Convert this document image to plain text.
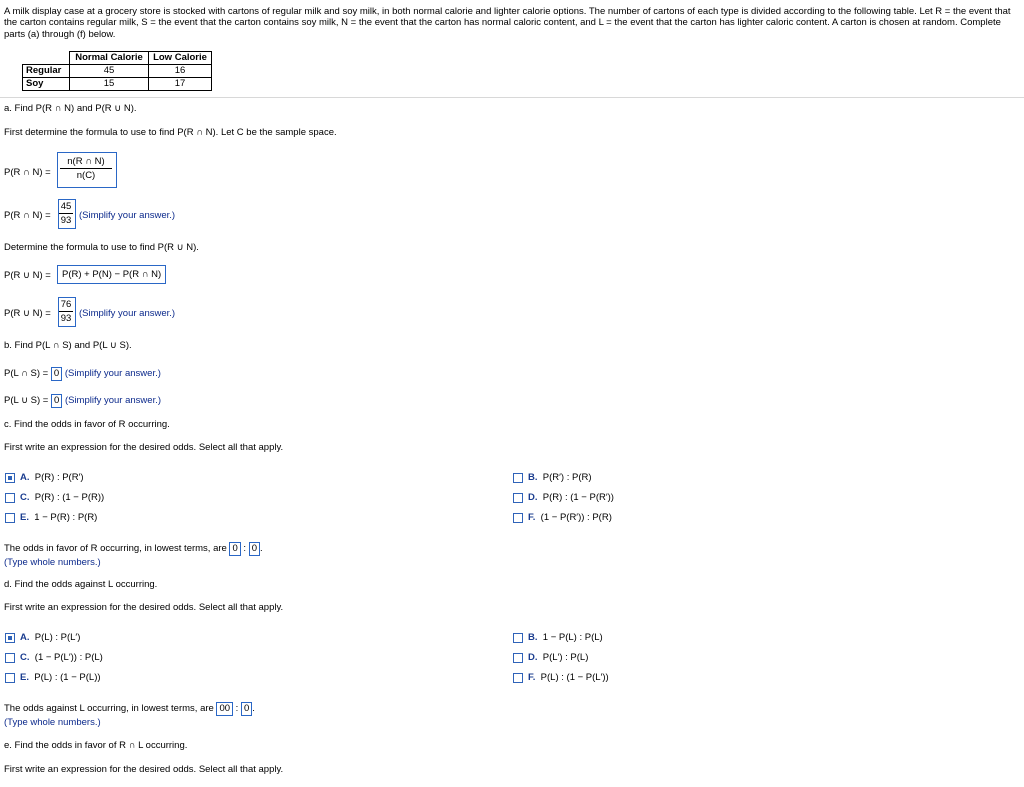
A milk display case at a grocery store is stocked with cartons of regular milk and soy milk, in both normal calorie and lighter calorie options. The number of cartons of each type is divided according to the following table. Let R = the event that the carton contains regular milk, S = the event that the carton contains soy milk, N = the event that the carton has normal caloric content, and L = the event that the carton has lighter caloric content. A carton is chosen at random. Complete parts (a) through (f) below.
	Normal Calorie	Low Calorie
Regular	45	16
Soy	15	17
a. Find P(R ∩ N) and P(R ∪ N).
First determine the formula to use to find P(R ∩ N). Let C be the sample space.
P(R ∩ N) =
n(R ∩ N)
n(C)
P(R ∩ N) =
45
93 (Simplify your answer.)
Determine the formula to use to find P(R ∪ N).
P(R ∪ N) =	P(R) + P(N) − P(R ∩ N)
P(R ∪ N) =
76
93 (Simplify your answer.)
b. Find P(L ∩ S) and P(L ∪ S).
P(L ∩ S) = 0 (Simplify your answer.)
P(L ∪ S) = 0 (Simplify your answer.)
c. Find the odds in favor of R occurring.
First write an expression for the desired odds. Select all that apply.
A. P(R) : P(R′)	B. P(R′) : P(R)
C. P(R) : (1 − P(R))	D. P(R) : (1 − P(R′))
E. 1 − P(R) : P(R)	F. (1 − P(R′)) : P(R)
The odds in favor of R occurring, in lowest terms, are 0 : 0 .
(Type whole numbers.)
d. Find the odds against L occurring.
First write an expression for the desired odds. Select all that apply.
A. P(L) : P(L′)	B. 1 − P(L) : P(L)
C. (1 − P(L′)) : P(L)	D. P(L′) : P(L)
E. P(L) : (1 − P(L))	F. P(L) : (1 − P(L′))
The odds against L occurring, in lowest terms, are 00 : 0 .
(Type whole numbers.)
e. Find the odds in favor of R ∩ L occurring.
First write an expression for the desired odds. Select all that apply.
